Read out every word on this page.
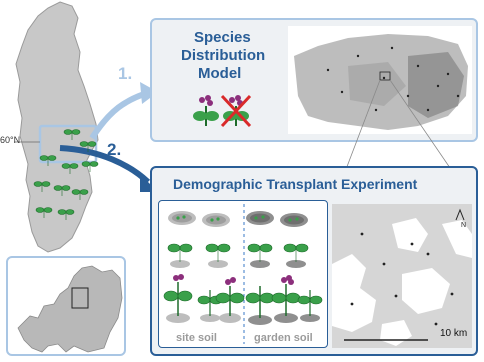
60°N
1.
2.
Species
Distribution
Model
Demographic Transplant Experiment
site soil	garden soil
N
10 km
